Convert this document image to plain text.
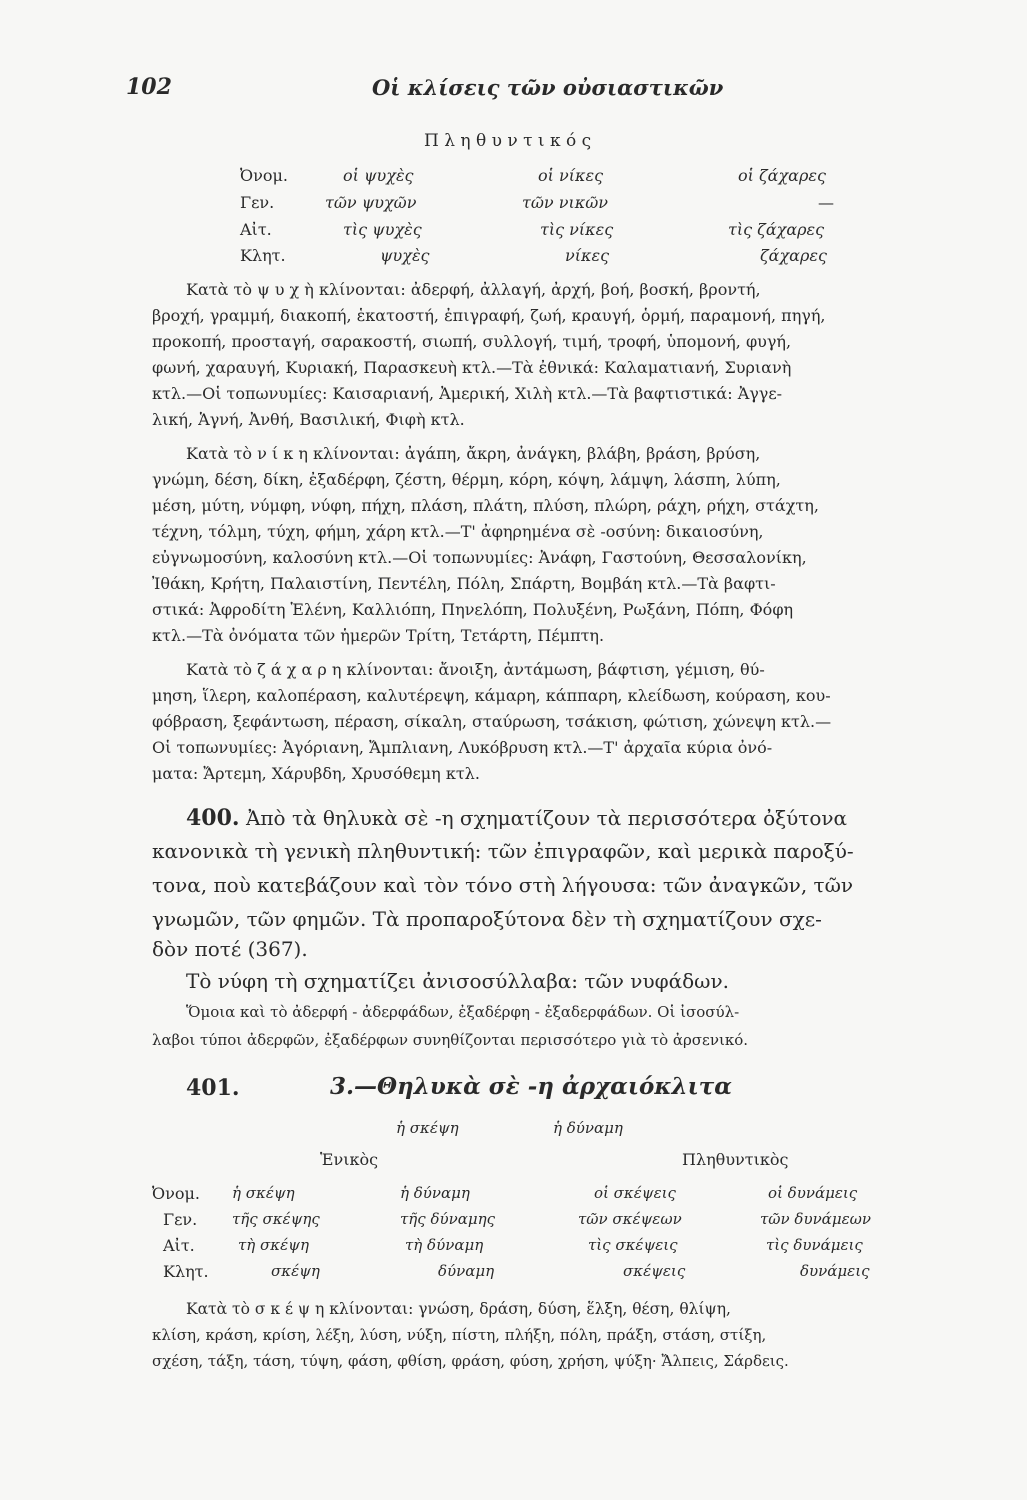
102	Οἱ κλίσεις τῶν οὐσιαστικῶν
Π λ η θ υ ν τ ι κ ό ς
Ὀνομ.	οἱ ψυχὲς	οἱ νίκες	οἱ ζάχαρες
Γεν.	τῶν ψυχῶν	τῶν νικῶν	—
Αἰτ.	τὶς ψυχὲς	τὶς νίκες	τὶς ζάχαρες
Κλητ.	ψυχὲς	νίκες	ζάχαρες
Κατὰ τὸ ψ υ χ ὴ κλίνονται: ἀδερφή, ἀλλαγή, ἀρχή, βοή, βοσκή, βροντή,
βροχή, γραμμή, διακοπή, ἑκατοστή, ἐπιγραφή, ζωή, κραυγή, ὁρμή, παραμονή, πηγή,
προκοπή, προσταγή, σαρακοστή, σιωπή, συλλογή, τιμή, τροφή, ὑπομονή, φυγή,
φωνή, χαραυγή, Κυριακή, Παρασκευὴ κτλ.—Τὰ ἐθνικά: Καλαματιανή, Συριανὴ
κτλ.—Οἱ τοπωνυμίες: Καισαριανή, Ἀμερική, Χιλὴ κτλ.—Τὰ βαφτιστικά: Ἀγγε-
λική, Ἁγνή, Ἀνθή, Βασιλική, Φιφὴ κτλ.
Κατὰ τὸ ν ί κ η κλίνονται: ἀγάπη, ἄκρη, ἀνάγκη, βλάβη, βράση, βρύση,
γνώμη, δέση, δίκη, ἐξαδέρφη, ζέστη, θέρμη, κόρη, κόψη, λάμψη, λάσπη, λύπη,
μέση, μύτη, νύμφη, νύφη, πήχη, πλάση, πλάτη, πλύση, πλώρη, ράχη, ρήχη, στάχτη,
τέχνη, τόλμη, τύχη, φήμη, χάρη κτλ.—Τ' ἀφηρημένα σὲ -οσύνη: δικαιοσύνη,
εὐγνωμοσύνη, καλοσύνη κτλ.—Οἱ τοπωνυμίες: Ἀνάφη, Γαστούνη, Θεσσαλονίκη,
Ἰθάκη, Κρήτη, Παλαιστίνη, Πεντέλη, Πόλη, Σπάρτη, Βομβάη κτλ.—Τὰ βαφτι-
στικά: Ἀφροδίτη Ἑλένη, Καλλιόπη, Πηνελόπη, Πολυξένη, Ρωξάνη, Πόπη, Φόφη
κτλ.—Τὰ ὀνόματα τῶν ἡμερῶν Τρίτη, Τετάρτη, Πέμπτη.
Κατὰ τὸ ζ ά χ α ρ η κλίνονται: ἄνοιξη, ἀντάμωση, βάφτιση, γέμιση, θύ-
μηση, ἵλερη, καλοπέραση, καλυτέρεψη, κάμαρη, κάππαρη, κλείδωση, κούραση, κου-
φόβραση, ξεφάντωση, πέραση, σίκαλη, σταύρωση, τσάκιση, φώτιση, χώνεψη κτλ.—
Οἱ τοπωνυμίες: Ἀγόριανη, Ἄμπλιανη, Λυκόβρυση κτλ.—Τ' ἀρχαῖα κύρια ὀνό-
ματα: Ἄρτεμη, Χάρυβδη, Χρυσόθεμη κτλ.
400. Ἀπὸ τὰ θηλυκὰ σὲ -η σχηματίζουν τὰ περισσότερα ὀξύτονα
κανονικὰ τὴ γενικὴ πληθυντική: τῶν ἐπιγραφῶν, καὶ μερικὰ παροξύ-
τονα, ποὺ κατεβάζουν καὶ τὸν τόνο στὴ λήγουσα: τῶν ἀναγκῶν, τῶν
γνωμῶν, τῶν φημῶν. Τὰ προπαροξύτονα δὲν τὴ σχηματίζουν σχε-
δὸν ποτέ (367).
Τὸ νύφη τὴ σχηματίζει ἀνισοσύλλαβα: τῶν νυφάδων.
Ὅμοια καὶ τὸ ἀδερφή - ἀδερφάδων, ἐξαδέρφη - ἐξαδερφάδων. Οἱ ἰσοσύλ-
λαβοι τύποι ἀδερφῶν, ἐξαδέρφων συνηθίζονται περισσότερο γιὰ τὸ ἀρσενικό.
401.	3.—Θηλυκὰ σὲ -η ἀρχαιόκλιτα
ἡ σκέψη	ἡ δύναμη
Ἑνικὸς	Πληθυντικὸς
Ὀνομ. ἡ σκέψη	ἡ δύναμη	οἱ σκέψεις	οἱ δυνάμεις
Γεν. τῆς σκέψης	τῆς δύναμης	τῶν σκέψεων	τῶν δυνάμεων
Αἰτ.	τὴ σκέψη	τὴ δύναμη	τὶς σκέψεις	τὶς δυνάμεις
Κλητ.	σκέψη	δύναμη	σκέψεις	δυνάμεις
Κατὰ τὸ σ κ έ ψ η κλίνονται: γνώση, δράση, δύση, ἕλξη, θέση, θλίψη,
κλίση, κράση, κρίση, λέξη, λύση, νύξη, πίστη, πλήξη, πόλη, πράξη, στάση, στίξη,
σχέση, τάξη, τάση, τύψη, φάση, φθίση, φράση, φύση, χρήση, ψύξη· Ἄλπεις, Σάρδεις.
